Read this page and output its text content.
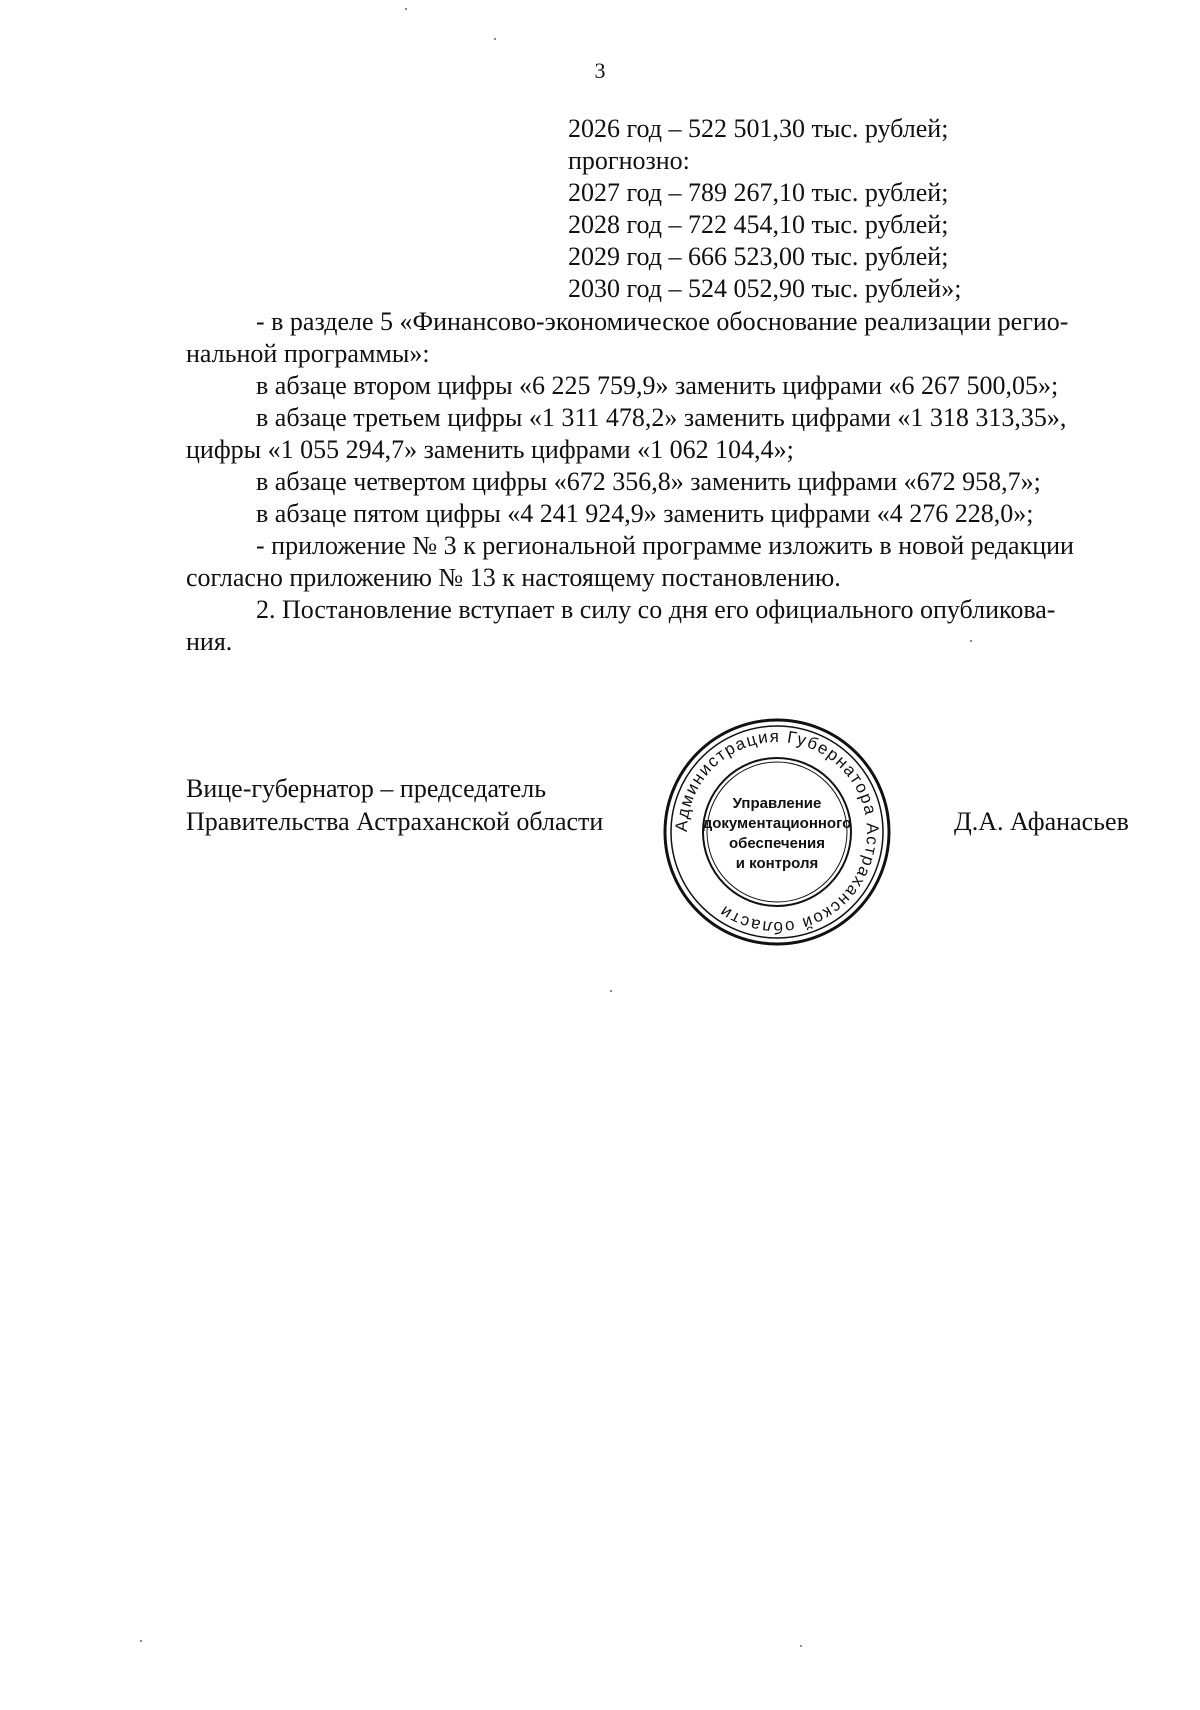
3
2026 год – 522 501,30 тыс. рублей;
прогнозно:
2027 год – 789 267,10 тыс. рублей;
2028 год – 722 454,10 тыс. рублей;
2029 год – 666 523,00 тыс. рублей;
2030 год – 524 052,90 тыс. рублей»;

- в разделе 5 «Финансово-экономическое обоснование реализации регио-

нальной программы»:

в абзаце втором цифры «6 225 759,9» заменить цифрами «6 267 500,05»;

в абзаце третьем цифры «1 311 478,2» заменить цифрами «1 318 313,35»,

цифры «1 055 294,7» заменить цифрами «1 062 104,4»;

в абзаце четвертом цифры «672 356,8» заменить цифрами «672 958,7»;

в абзаце пятом цифры «4 241 924,9» заменить цифрами «4 276 228,0»;

- приложение № 3 к региональной программе изложить в новой редакции

согласно приложению № 13 к настоящему постановлению.

2. Постановление вступает в силу со дня его официального опубликова-

ния.

Вице-губернатор – председатель
Правительства Астраханской области	Администрация Губернатора Астраханской области
Управление
документационного
обеспечения
и контроля
Д.А. Афанасьев
